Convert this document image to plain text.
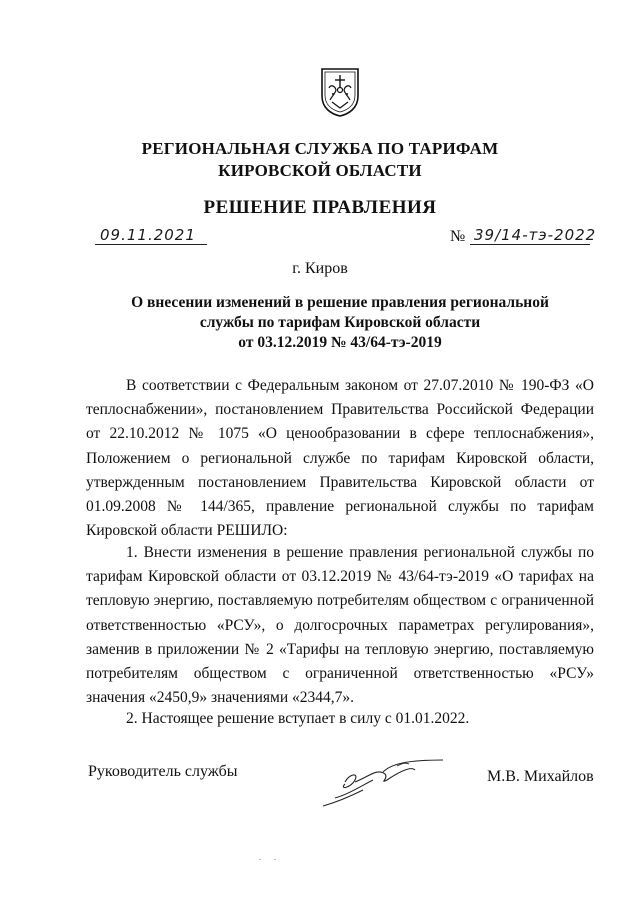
РЕГИОНАЛЬНАЯ СЛУЖБА ПО ТАРИФАМ
КИРОВСКОЙ ОБЛАСТИ
РЕШЕНИЕ ПРАВЛЕНИЯ
09.11.2021	№ 39/14-тэ-2022
г. Киров
О внесении изменений в решение правления региональной
службы по тарифам Кировской области
от 03.12.2019 № 43/64-тэ-2019
В соответствии с Федеральным законом от 27.07.2010 № 190-ФЗ «О теплоснабжении», постановлением Правительства Российской Федерации от 22.10.2012 № 1075 «О ценообразовании в сфере теплоснабжения», Положением о региональной службе по тарифам Кировской области, утвержденным постановлением Правительства Кировской области от 01.09.2008 № 144/365, правление региональной службы по тарифам Кировской области РЕШИЛО:
1. Внести изменения в решение правления региональной службы по тарифам Кировской области от 03.12.2019 № 43/64-тэ-2019 «О тарифах на тепловую энергию, поставляемую потребителям обществом с ограниченной ответственностью «РСУ», о долгосрочных параметрах регулирования», заменив в приложении № 2 «Тарифы на тепловую энергию, поставляемую потребителям обществом с ограниченной ответственностью «РСУ» значения «2450,9» значениями «2344,7».
2. Настоящее решение вступает в силу с 01.01.2022.
Руководитель службы	М.В. Михайлов
